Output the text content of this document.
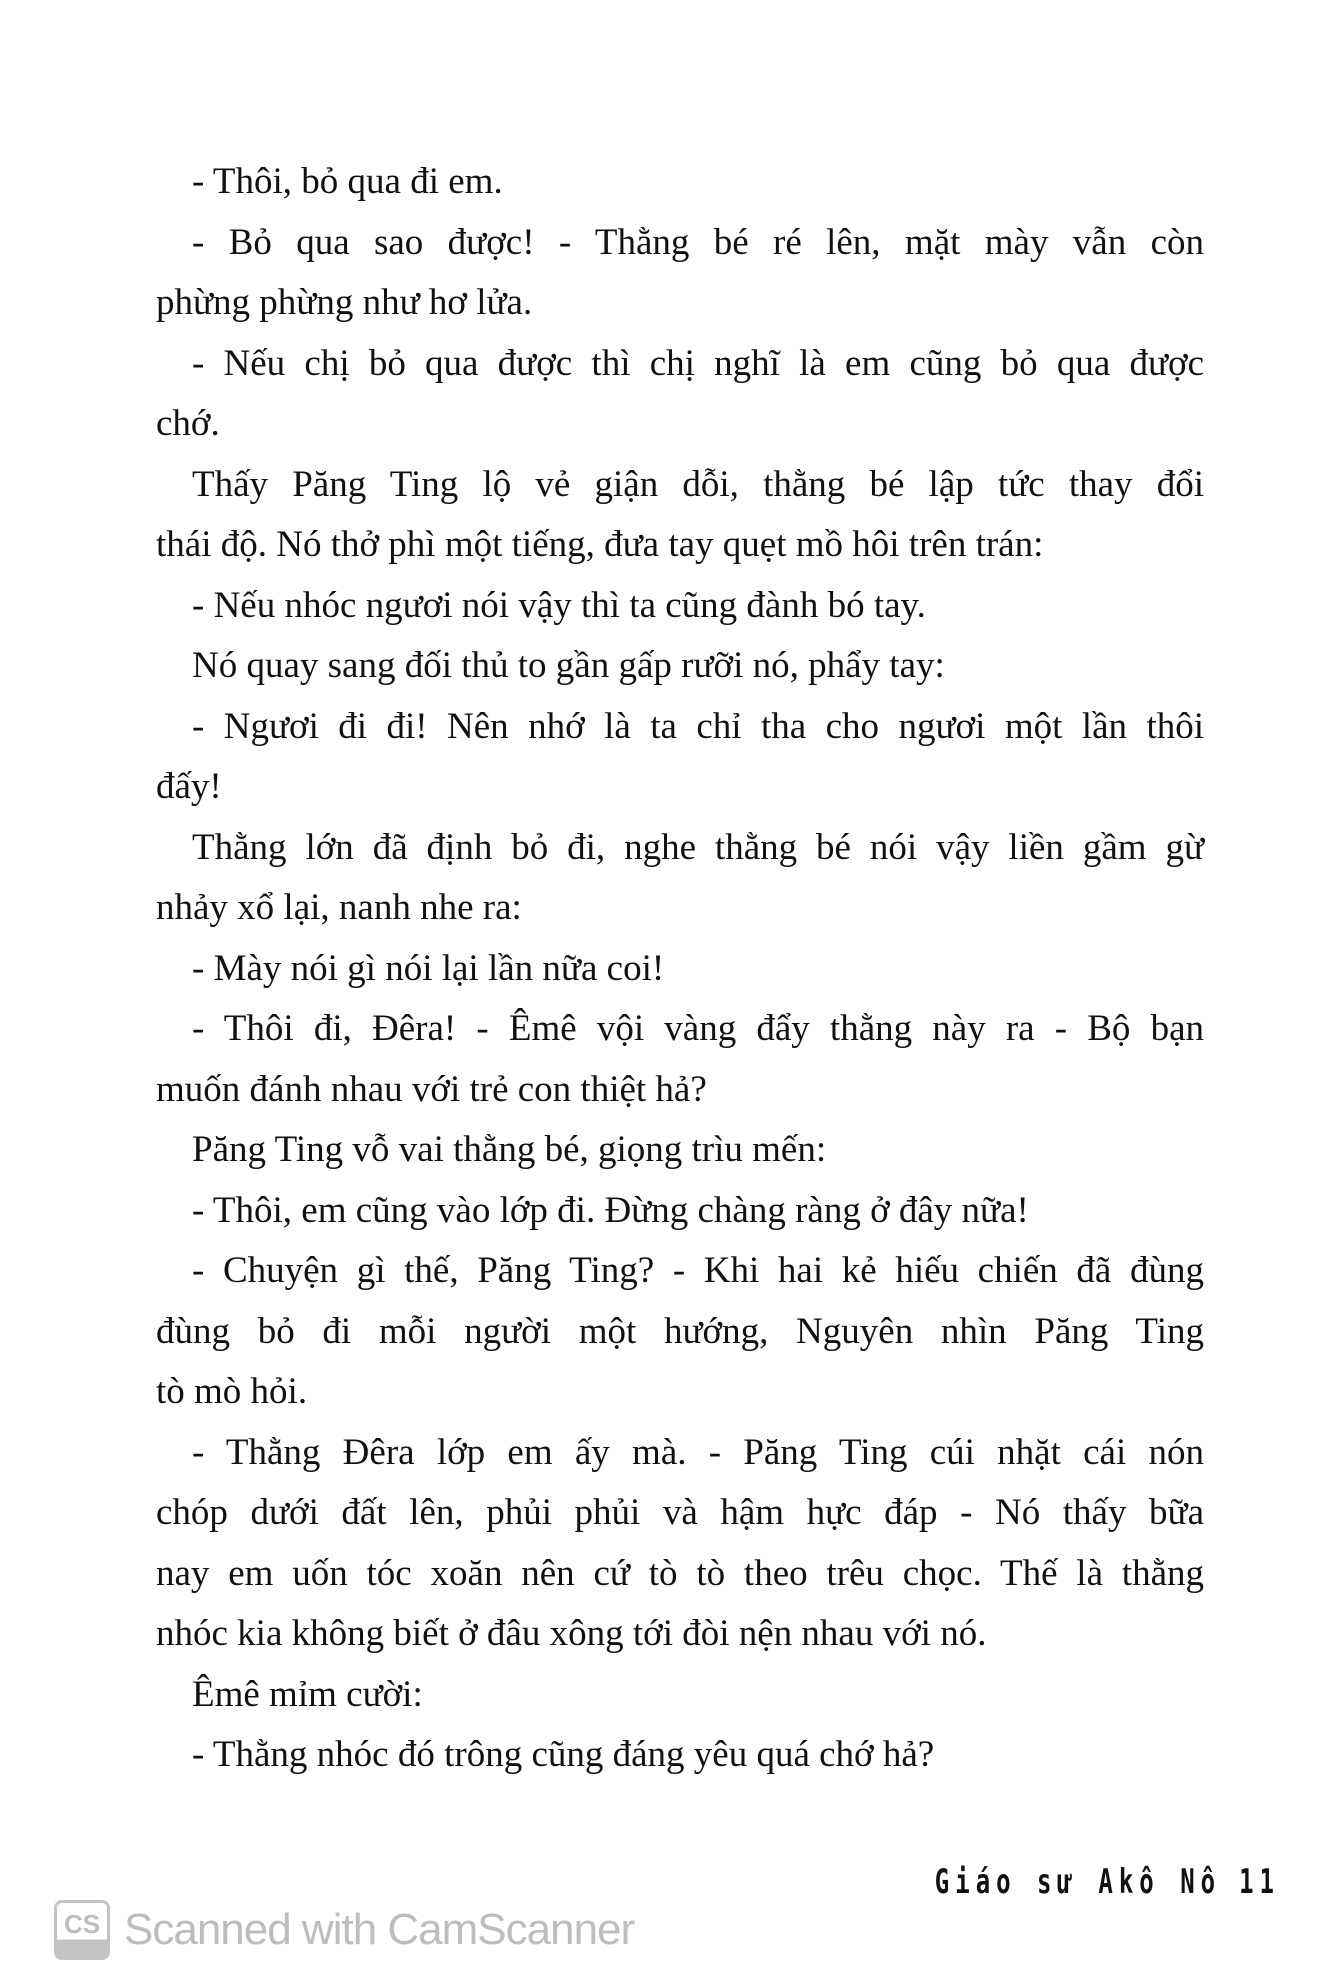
- Thôi, bỏ qua đi em.
- Bỏ qua sao được! - Thằng bé ré lên, mặt mày vẫn còn
phừng phừng như hơ lửa.
- Nếu chị bỏ qua được thì chị nghĩ là em cũng bỏ qua được
chớ.
Thấy Păng Ting lộ vẻ giận dỗi, thằng bé lập tức thay đổi
thái độ. Nó thở phì một tiếng, đưa tay quẹt mồ hôi trên trán:
- Nếu nhóc ngươi nói vậy thì ta cũng đành bó tay.
Nó quay sang đối thủ to gần gấp rưỡi nó, phẩy tay:
- Ngươi đi đi! Nên nhớ là ta chỉ tha cho ngươi một lần thôi
đấy!
Thằng lớn đã định bỏ đi, nghe thằng bé nói vậy liền gầm gừ
nhảy xổ lại, nanh nhe ra:
- Mày nói gì nói lại lần nữa coi!
- Thôi đi, Đêra! - Êmê vội vàng đẩy thằng này ra - Bộ bạn
muốn đánh nhau với trẻ con thiệt hả?
Păng Ting vỗ vai thằng bé, giọng trìu mến:
- Thôi, em cũng vào lớp đi. Đừng chàng ràng ở đây nữa!
- Chuyện gì thế, Păng Ting? - Khi hai kẻ hiếu chiến đã đùng
đùng bỏ đi mỗi người một hướng, Nguyên nhìn Păng Ting
tò mò hỏi.
- Thằng Đêra lớp em ấy mà. - Păng Ting cúi nhặt cái nón
chóp dưới đất lên, phủi phủi và hậm hực đáp - Nó thấy bữa
nay em uốn tóc xoăn nên cứ tò tò theo trêu chọc. Thế là thằng
nhóc kia không biết ở đâu xông tới đòi nện nhau với nó.
Êmê mỉm cười:
- Thằng nhóc đó trông cũng đáng yêu quá chớ hả?
Giáo sư Akô Nô 11
CS Scanned with CamScanner
